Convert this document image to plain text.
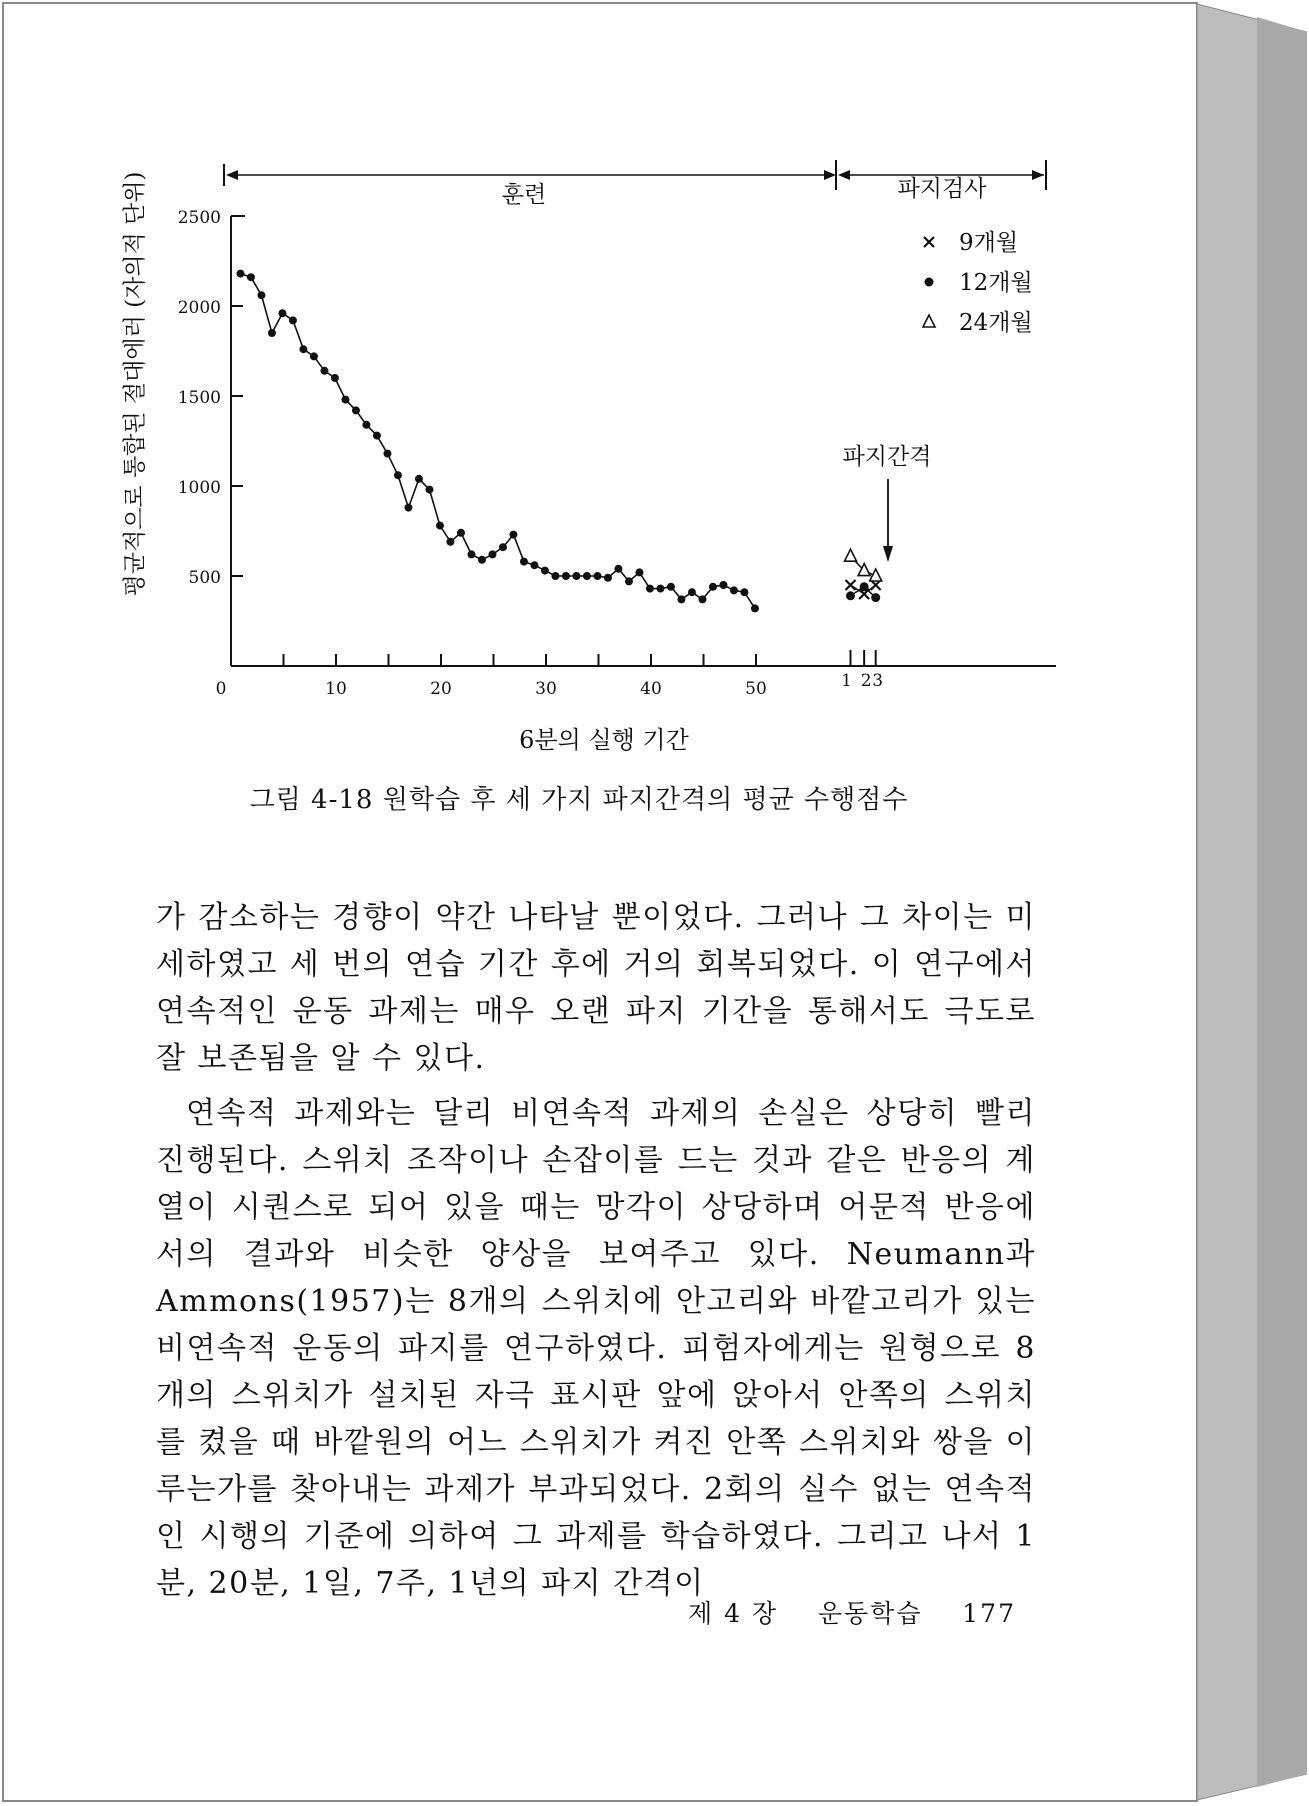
평균적으로 통합된 절대에러 (자의적 단위)	훈련	파지검사
파지간격
9개월
12개월
24개월
2500
2000
1500
1000
500
0	10	20	30	40	50	1 2 3
6분의 실행 기간
그림 4-18 원학습 후 세 가지 파지간격의 평균 수행점수

가 감소하는 경향이 약간 나타날 뿐이었다. 그러나 그 차이는 미세하였고 세 번의 연습 기간 후에 거의 회복되었다. 이 연구에서 연속적인 운동 과제는 매우 오랜 파지 기간을 통해서도 극도로 잘 보존됨을 알 수 있다.

연속적 과제와는 달리 비연속적 과제의 손실은 상당히 빨리 진행된다. 스위치 조작이나 손잡이를 드는 것과 같은 반응의 계열이 시퀀스로 되어 있을 때는 망각이 상당하며 어문적 반응에서의 결과와 비슷한 양상을 보여주고 있다. Neumann과 Ammons(1957)는 8개의 스위치에 안고리와 바깥고리가 있는 비연속적 운동의 파지를 연구하였다. 피험자에게는 원형으로 8개의 스위치가 설치된 자극 표시판 앞에 앉아서 안쪽의 스위치를 켰을 때 바깥원의 어느 스위치가 켜진 안쪽 스위치와 쌍을 이루는가를 찾아내는 과제가 부과되었다. 2회의 실수 없는 연속적인 시행의 기준에 의하여 그 과제를 학습하였다. 그리고 나서 1분, 20분, 1일, 7주, 1년의 파지 간격이

제 4 장 운동학습 177
